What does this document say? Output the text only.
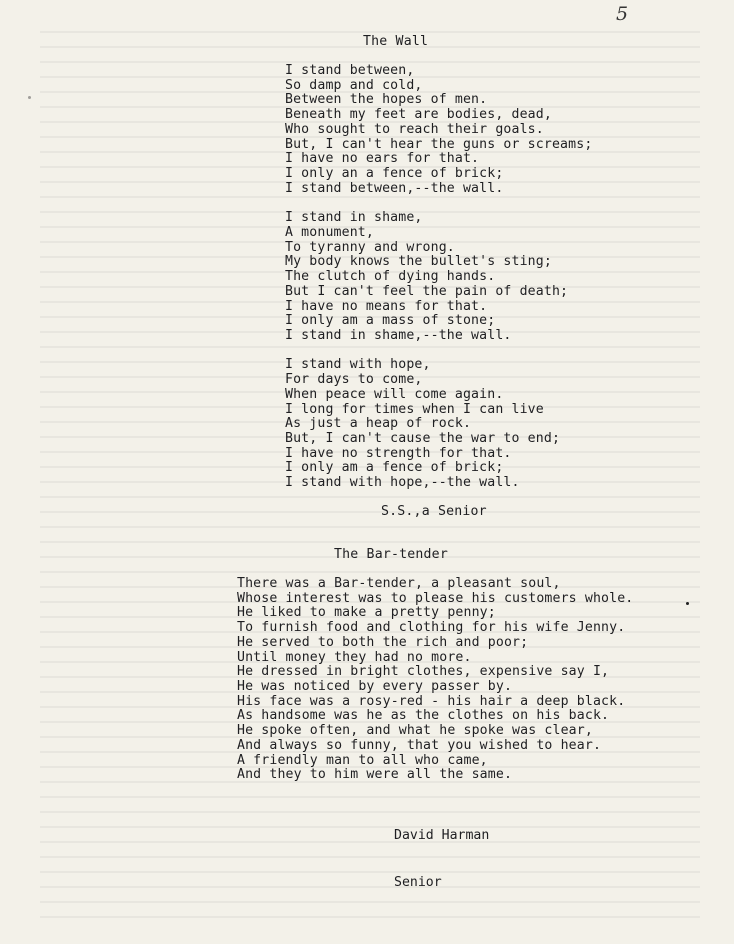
5
The Wall
I stand between,
So damp and cold,
Between the hopes of men.
Beneath my feet are bodies, dead,
Who sought to reach their goals.
But, I can't hear the guns or screams;
I have no ears for that.
I only an a fence of brick;
I stand between,--the wall.
I stand in shame,
A monument,
To tyranny and wrong.
My body knows the bullet's sting;
The clutch of dying hands.
But I can't feel the pain of death;
I have no means for that.
I only am a mass of stone;
I stand in shame,--the wall.
I stand with hope,
For days to come,
When peace will come again.
I long for times when I can live
As just a heap of rock.
But, I can't cause the war to end;
I have no strength for that.
I only am a fence of brick;
I stand with hope,--the wall.
S.S.,a Senior
The Bar-tender
There was a Bar-tender, a pleasant soul,
Whose interest was to please his customers whole.
He liked to make a pretty penny;
To furnish food and clothing for his wife Jenny.
He served to both the rich and poor;
Until money they had no more.
He dressed in bright clothes, expensive say I,
He was noticed by every passer by.
His face was a rosy-red - his hair a deep black.
As handsome was he as the clothes on his back.
He spoke often, and what he spoke was clear,
And always so funny, that you wished to hear.
A friendly man to all who came,
And they to him were all the same.

David Harman

Senior
